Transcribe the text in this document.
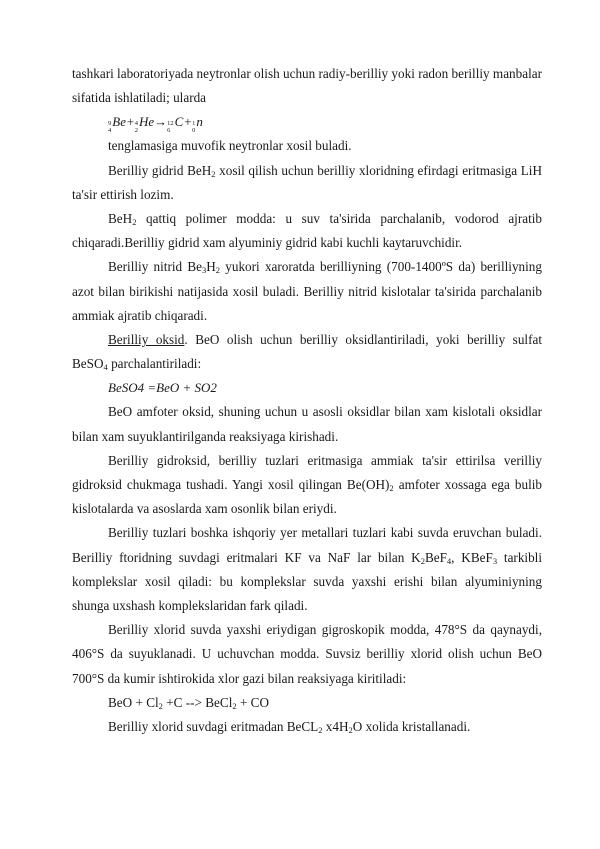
tashkari laboratoriyada neytronlar olish uchun radiy-berilliy yoki radon berilliy manbalar sifatida ishlatiladi; ularda

9
4
Be+ 4
2
He→ 12
6
C+ 1
0
n

tenglamasiga muvofik neytronlar xosil buladi.

Berilliy gidrid BeH$_2$ xosil qilish uchun berilliy xloridning efirdagi eritmasiga LiH ta'sir ettirish lozim.

BeH$_2$ qattiq polimer modda: u suv ta'sirida parchalanib, vodorod ajratib chiqaradi.Berilliy gidrid xam alyuminiy gidrid kabi kuchli kaytaruvchidir.

Berilliy nitrid $Be_3H_2$ yukori xaroratda berilliyning (700-1400ºS da) berilliyning azot bilan birikishi natijasida xosil buladi. Berilliy nitrid kislotalar ta'sirida parchalanib ammiak ajratib chiqaradi.

Berilliy oksid. BeO olish uchun berilliy oksidlantiriladi, yoki berilliy sulfat BeSO$_4$ parchalantiriladi:

BeSO4 =BeO + SO2

BeO amfoter oksid, shuning uchun u asosli oksidlar bilan xam kislotali oksidlar bilan xam suyuklantirilganda reaksiyaga kirishadi.

Berilliy gidroksid, berilliy tuzlari eritmasiga ammiak ta'sir ettirilsa verilliy gidroksid chukmaga tushadi. Yangi xosil qilingan $Be(OH)_2$ amfoter xossaga ega bulib kislotalarda va asoslarda xam osonlik bilan eriydi.

Berilliy tuzlari boshka ishqoriy yer metallari tuzlari kabi suvda eruvchan buladi. Berilliy ftoridning suvdagi eritmalari KF va NaF lar bilan $K_2BeF_4$, KBeF$_3$ tarkibli komplekslar xosil qiladi: bu komplekslar suvda yaxshi erishi bilan alyuminiyning shunga uxshash komplekslaridan fark qiladi.

Berilliy xlorid suvda yaxshi eriydigan gigroskopik modda, 478°S da qaynaydi, 406°S da suyuklanadi. U uchuvchan modda. Suvsiz berilliy xlorid olish uchun BeO 700°S da kumir ishtirokida xlor gazi bilan reaksiyaga kiritiladi:

BeO + $Cl_2 +C$ --> BeCl$_2$ + CO

Berilliy xlorid suvdagi eritmadan BeCL$_2$ $x4H_2O$ xolida kristallanadi.
